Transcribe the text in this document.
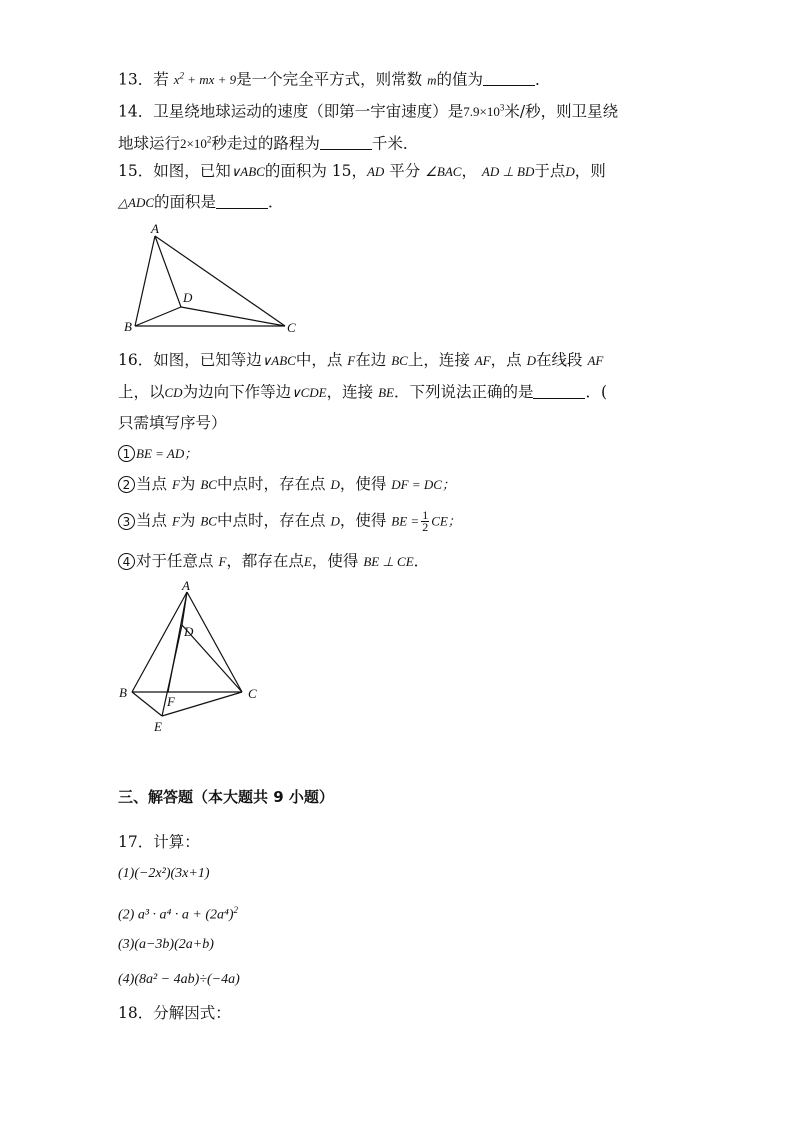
13．若 $x^2$ + mx + 9是一个完全平方式，则常数 m的值为	．
14．卫星绕地球运动的速度（即第一宇宙速度）是$7.9\times 10^3$米/秒，则卫星绕
地球运行$2\times 10^2$秒走过的路程为	千米．
15．如图，已知∨ABC的面积为 15，AD 平分 ∠BAC， AD ⊥ BD于点D，则
△ADC的面积是	．
A
B	C
D
16．如图，已知等边∨ABC中，点 F在边 BC上，连接 AF，点 D在线段 AF
上，以CD为边向下作等边∨CDE，连接 BE．下列说法正确的是	．(
只需填写序号）
1 BE = AD；
2 当点 F为 BC中点时，存在点 D，使得 DF = DC；
3 当点 F为 BC中点时，存在点 D，使得 BE = $\frac{1}{2}$ CE；
4 对于任意点 F，都存在点E，使得 BE ⊥ CE．
A
B	C
D
E
F
三、解答题（本大题共 9 小题）
17．计算：
(1)(−2x²)(3x+1)
(2) $a^3 \cdot a^4 \cdot a + (2a^4)^2$
(3)(a−3b)(2a+b)
(4)(8a² − 4ab)÷(−4a)
18．分解因式：
